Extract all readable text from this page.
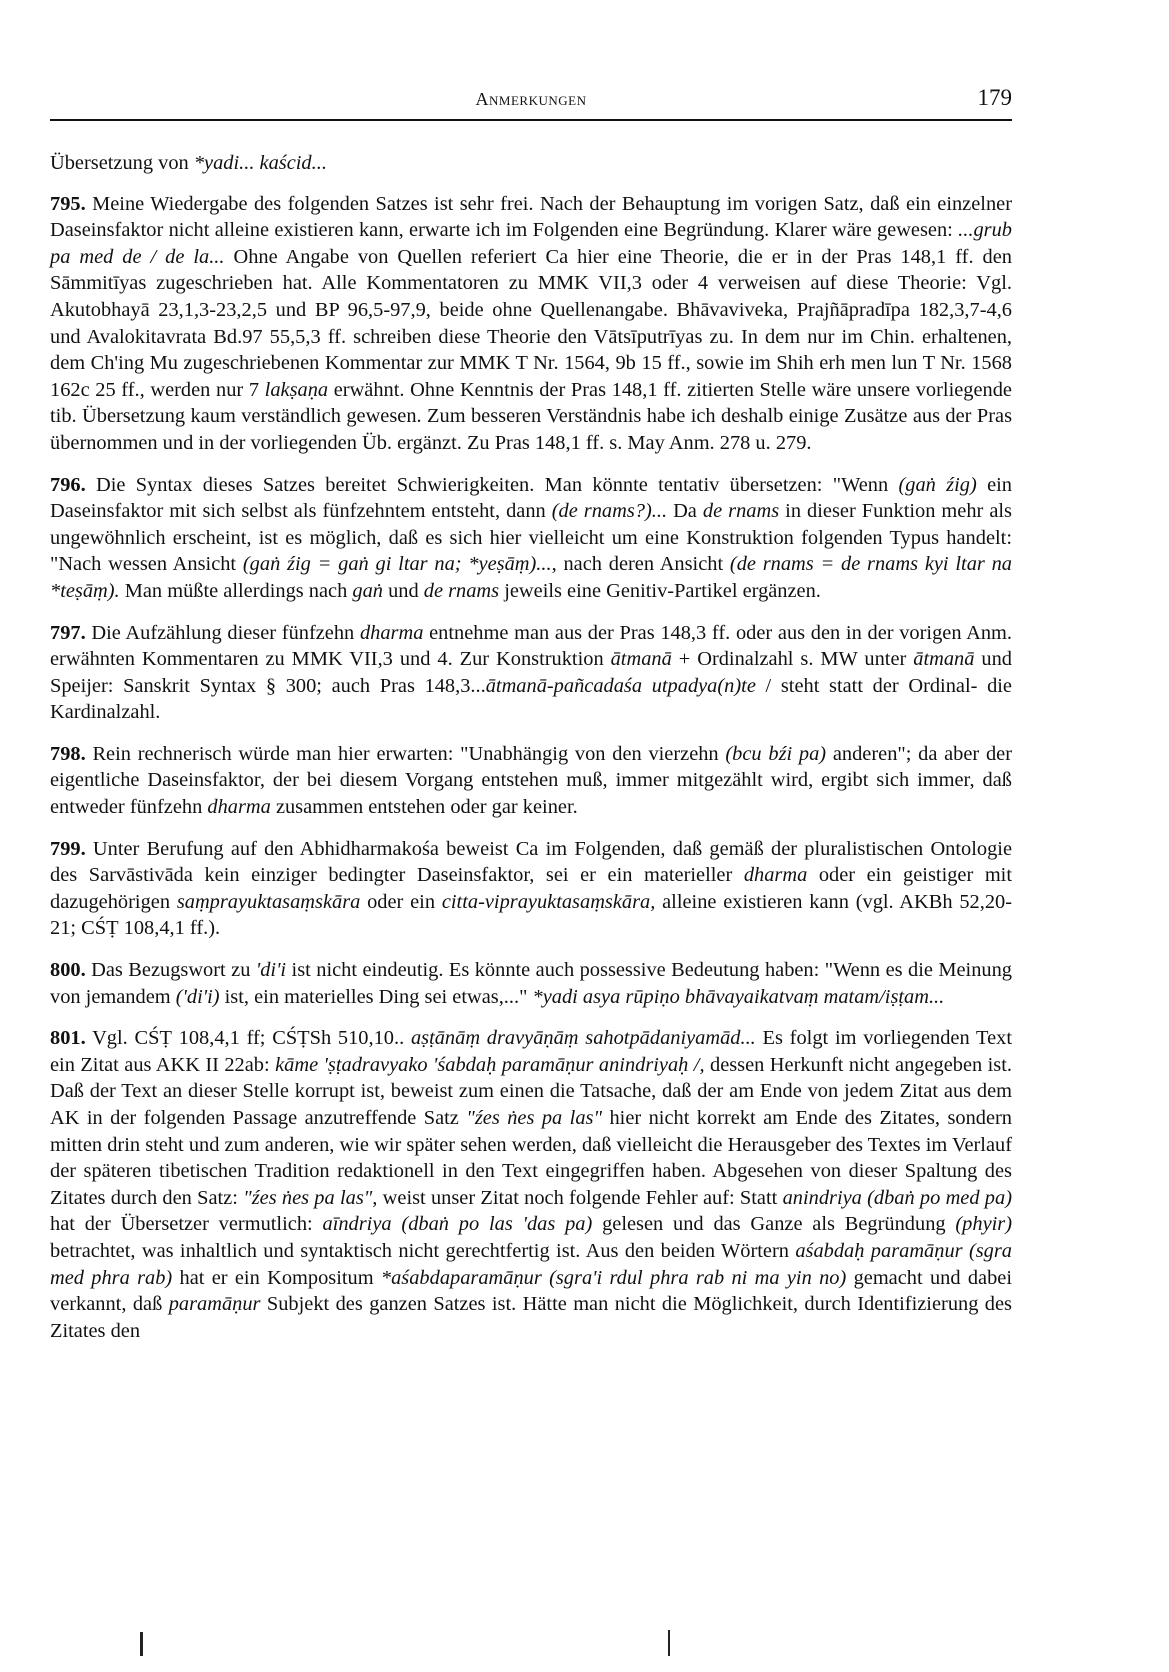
Anmerkungen	179

Übersetzung von *yadi... kaścid...

795. Meine Wiedergabe des folgenden Satzes ist sehr frei. Nach der Behauptung im vorigen Satz, daß ein einzelner Daseinsfaktor nicht alleine existieren kann, erwarte ich im Folgenden eine Begründung. Klarer wäre gewesen: ...grub pa med de / de la... Ohne Angabe von Quellen referiert Ca hier eine Theorie, die er in der Pras 148,1 ff. den Sāmmitīyas zugeschrieben hat. Alle Kommentatoren zu MMK VII,3 oder 4 verweisen auf diese Theorie: Vgl. Akutobhayā 23,1,3-23,2,5 und BP 96,5-97,9, beide ohne Quellenangabe. Bhāvaviveka, Prajñāpradīpa 182,3,7-4,6 und Avalokitavrata Bd.97 55,5,3 ff. schreiben diese Theorie den Vātsīputrīyas zu. In dem nur im Chin. erhaltenen, dem Ch'ing Mu zugeschriebenen Kommentar zur MMK T Nr. 1564, 9b 15 ff., sowie im Shih erh men lun T Nr. 1568 162c 25 ff., werden nur 7 lakṣaṇa erwähnt. Ohne Kenntnis der Pras 148,1 ff. zitierten Stelle wäre unsere vorliegende tib. Übersetzung kaum verständlich gewesen. Zum besseren Verständnis habe ich deshalb einige Zusätze aus der Pras übernommen und in der vorliegenden Üb. ergänzt. Zu Pras 148,1 ff. s. May Anm. 278 u. 279.

796. Die Syntax dieses Satzes bereitet Schwierigkeiten. Man könnte tentativ übersetzen: "Wenn (gaṅ źig) ein Daseinsfaktor mit sich selbst als fünfzehntem entsteht, dann (de rnams?)... Da de rnams in dieser Funktion mehr als ungewöhnlich erscheint, ist es möglich, daß es sich hier vielleicht um eine Konstruktion folgenden Typus handelt: "Nach wessen Ansicht (gaṅ źig = gaṅ gi ltar na; *yeṣāṃ)..., nach deren Ansicht (de rnams = de rnams kyi ltar na *teṣāṃ). Man müßte allerdings nach gaṅ und de rnams jeweils eine Genitiv-Partikel ergänzen.

797. Die Aufzählung dieser fünfzehn dharma entnehme man aus der Pras 148,3 ff. oder aus den in der vorigen Anm. erwähnten Kommentaren zu MMK VII,3 und 4. Zur Konstruktion ātmanā + Ordinalzahl s. MW unter ātmanā und Speijer: Sanskrit Syntax § 300; auch Pras 148,3...ātmanā-pañcadaśa utpadya(n)te / steht statt der Ordinal- die Kardinalzahl.

798. Rein rechnerisch würde man hier erwarten: "Unabhängig von den vierzehn (bcu bźi pa) anderen"; da aber der eigentliche Daseinsfaktor, der bei diesem Vorgang entstehen muß, immer mitgezählt wird, ergibt sich immer, daß entweder fünfzehn dharma zusammen entstehen oder gar keiner.

799. Unter Berufung auf den Abhidharmakośa beweist Ca im Folgenden, daß gemäß der pluralistischen Ontologie des Sarvāstivāda kein einziger bedingter Daseinsfaktor, sei er ein materieller dharma oder ein geistiger mit dazugehörigen saṃprayuktasaṃskāra oder ein citta-viprayuktasaṃskāra, alleine existieren kann (vgl. AKBh 52,20-21; CŚṬ 108,4,1 ff.).

800. Das Bezugswort zu 'di'i ist nicht eindeutig. Es könnte auch possessive Bedeutung haben: "Wenn es die Meinung von jemandem ('di'i) ist, ein materielles Ding sei etwas,..." *yadi asya rūpiṇo bhāvayaikatvaṃ matam/iṣṭam...

801. Vgl. CŚṬ 108,4,1 ff; CŚṬSh 510,10.. aṣṭānāṃ dravyāṇāṃ sahotpādaniyamād... Es folgt im vorliegenden Text ein Zitat aus AKK II 22ab: kāme 'ṣṭadravyako 'śabdaḥ paramāṇur anindriyaḥ /, dessen Herkunft nicht angegeben ist. Daß der Text an dieser Stelle korrupt ist, beweist zum einen die Tatsache, daß der am Ende von jedem Zitat aus dem AK in der folgenden Passage anzutreffende Satz "źes ṅes pa las" hier nicht korrekt am Ende des Zitates, sondern mitten drin steht und zum anderen, wie wir später sehen werden, daß vielleicht die Herausgeber des Textes im Verlauf der späteren tibetischen Tradition redaktionell in den Text eingegriffen haben. Abgesehen von dieser Spaltung des Zitates durch den Satz: "źes ṅes pa las", weist unser Zitat noch folgende Fehler auf: Statt anindriya (dbaṅ po med pa) hat der Übersetzer vermutlich: aīndriya (dbaṅ po las 'das pa) gelesen und das Ganze als Begründung (phyir) betrachtet, was inhaltlich und syntaktisch nicht gerechtfertig ist. Aus den beiden Wörtern aśabdaḥ paramāṇur (sgra med phra rab) hat er ein Kompositum *aśabdaparamāṇur (sgra'i rdul phra rab ni ma yin no) gemacht und dabei verkannt, daß paramāṇur Subjekt des ganzen Satzes ist. Hätte man nicht die Möglichkeit, durch Identifizierung des Zitates den
